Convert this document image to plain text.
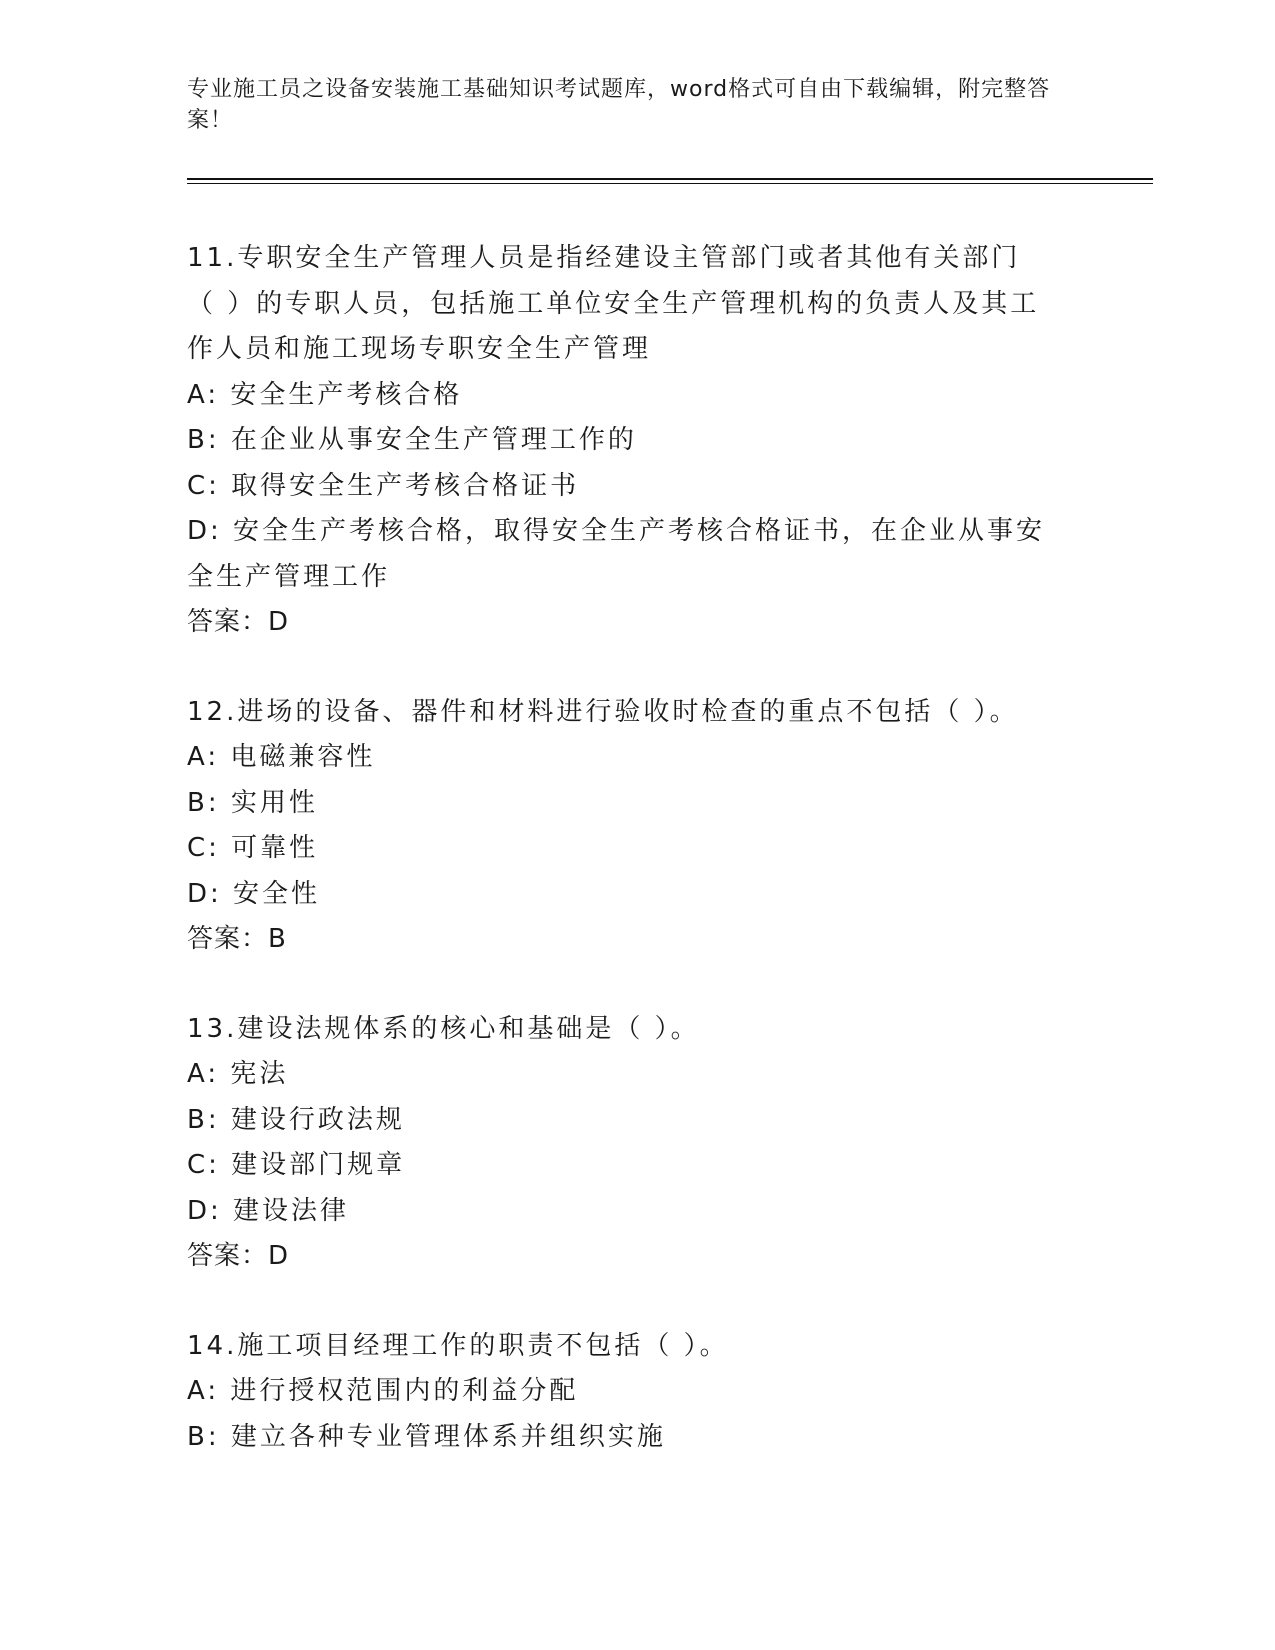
专业施工员之设备安装施工基础知识考试题库，word格式可自由下载编辑，附完整答案！
11.专职安全生产管理人员是指经建设主管部门或者其他有关部门（ ）的专职人员，包括施工单位安全生产管理机构的负责人及其工作人员和施工现场专职安全生产管理
A: 安全生产考核合格
B: 在企业从事安全生产管理工作的
C: 取得安全生产考核合格证书
D: 安全生产考核合格，取得安全生产考核合格证书，在企业从事安全生产管理工作
答案：D
12.进场的设备、器件和材料进行验收时检查的重点不包括（ ）。
A: 电磁兼容性
B: 实用性
C: 可靠性
D: 安全性
答案：B
13.建设法规体系的核心和基础是（ ）。
A: 宪法
B: 建设行政法规
C: 建设部门规章
D: 建设法律
答案：D
14.施工项目经理工作的职责不包括（ ）。
A: 进行授权范围内的利益分配
B: 建立各种专业管理体系并组织实施
